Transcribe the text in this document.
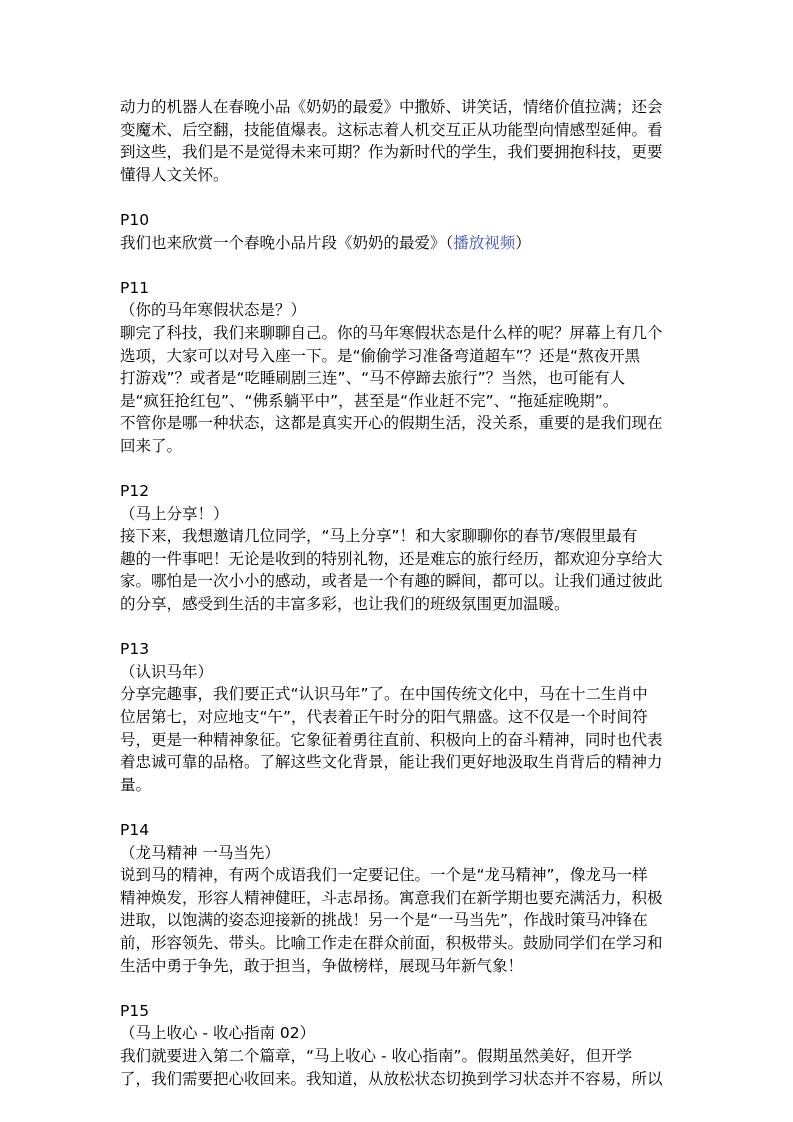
动力的机器人在春晚小品《奶奶的最爱》中撒娇、讲笑话，情绪价值拉满；还会

变魔术、后空翻，技能值爆表。这标志着人机交互正从功能型向情感型延伸。看

到这些，我们是不是觉得未来可期？作为新时代的学生，我们要拥抱科技，更要

懂得人文关怀。

P10

我们也来欣赏一个春晚小品片段《奶奶的最爱》（播放视频）

P11

（你的马年寒假状态是？）

聊完了科技，我们来聊聊自己。你的马年寒假状态是什么样的呢？屏幕上有几个

选项，大家可以对号入座一下。是“偷偷学习准备弯道超车”？还是“熬夜开黑

打游戏”？或者是“吃睡刷剧三连”、“马不停蹄去旅行”？当然，也可能有人

是“疯狂抢红包”、“佛系躺平中”，甚至是“作业赶不完”、“拖延症晚期”。

不管你是哪一种状态，这都是真实开心的假期生活，没关系，重要的是我们现在

回来了。

P12

（马上分享！）

接下来，我想邀请几位同学，“马上分享”！和大家聊聊你的春节/寒假里最有

趣的一件事吧！无论是收到的特别礼物，还是难忘的旅行经历，都欢迎分享给大

家。哪怕是一次小小的感动，或者是一个有趣的瞬间，都可以。让我们通过彼此

的分享，感受到生活的丰富多彩，也让我们的班级氛围更加温暖。

P13

（认识马年）

分享完趣事，我们要正式“认识马年”了。在中国传统文化中，马在十二生肖中

位居第七，对应地支“午”，代表着正午时分的阳气鼎盛。这不仅是一个时间符

号，更是一种精神象征。它象征着勇往直前、积极向上的奋斗精神，同时也代表

着忠诚可靠的品格。了解这些文化背景，能让我们更好地汲取生肖背后的精神力

量。

P14

（龙马精神 一马当先）

说到马的精神，有两个成语我们一定要记住。一个是“龙马精神”，像龙马一样

精神焕发，形容人精神健旺，斗志昂扬。寓意我们在新学期也要充满活力，积极

进取，以饱满的姿态迎接新的挑战！另一个是“一马当先”，作战时策马冲锋在

前，形容领先、带头。比喻工作走在群众前面，积极带头。鼓励同学们在学习和

生活中勇于争先，敢于担当，争做榜样，展现马年新气象！

P15

（马上收心 - 收心指南 02）

我们就要进入第二个篇章，“马上收心 - 收心指南”。假期虽然美好，但开学

了，我们需要把心收回来。我知道，从放松状态切换到学习状态并不容易，所以
